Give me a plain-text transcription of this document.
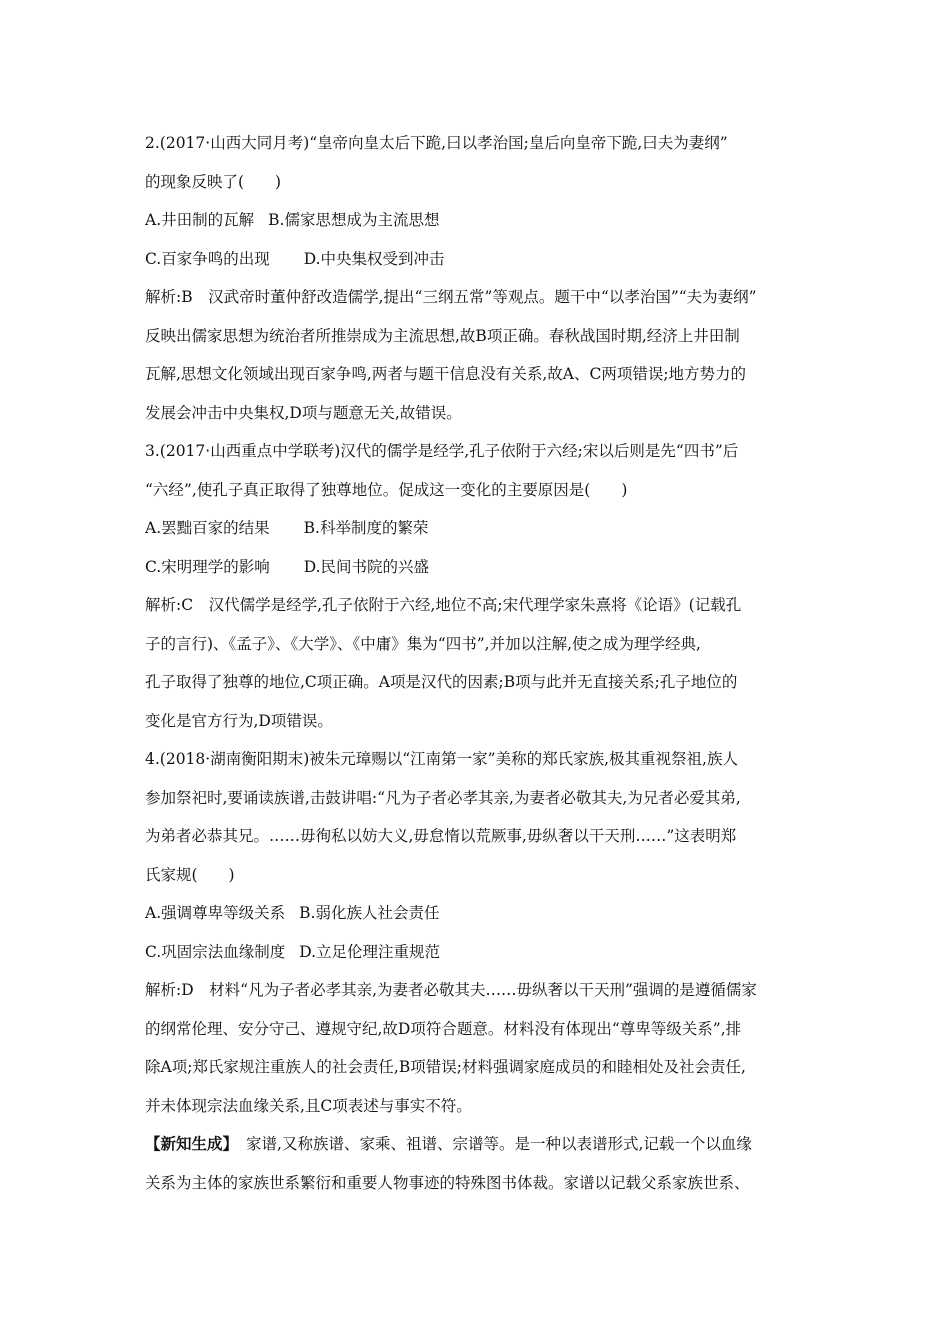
2.(2017·山西大同月考)“皇帝向皇太后下跪,曰以孝治国;皇后向皇帝下跪,曰夫为妻纲”
的现象反映了(　　)
A.井田制的瓦解 B.儒家思想成为主流思想
C.百家争鸣的出现 D.中央集权受到冲击
解析:B　汉武帝时董仲舒改造儒学,提出“三纲五常”等观点。题干中“以孝治国”“夫为妻纲”
反映出儒家思想为统治者所推崇成为主流思想,故B项正确。春秋战国时期,经济上井田制
瓦解,思想文化领域出现百家争鸣,两者与题干信息没有关系,故A、C两项错误;地方势力的
发展会冲击中央集权,D项与题意无关,故错误。
3.(2017·山西重点中学联考)汉代的儒学是经学,孔子依附于六经;宋以后则是先“四书”后
“六经”,使孔子真正取得了独尊地位。促成这一变化的主要原因是(　　)
A.罢黜百家的结果 B.科举制度的繁荣
C.宋明理学的影响 D.民间书院的兴盛
解析:C　汉代儒学是经学,孔子依附于六经,地位不高;宋代理学家朱熹将《论语》(记载孔
子的言行)、《孟子》、《大学》、《中庸》集为“四书”,并加以注解,使之成为理学经典,
孔子取得了独尊的地位,C项正确。A项是汉代的因素;B项与此并无直接关系;孔子地位的
变化是官方行为,D项错误。
4.(2018·湖南衡阳期末)被朱元璋赐以“江南第一家”美称的郑氏家族,极其重视祭祖,族人
参加祭祀时,要诵读族谱,击鼓讲唱:“凡为子者必孝其亲,为妻者必敬其夫,为兄者必爱其弟,
为弟者必恭其兄。……毋徇私以妨大义,毋怠惰以荒厥事,毋纵奢以干天刑……”这表明郑
氏家规(　　)
A.强调尊卑等级关系 B.弱化族人社会责任
C.巩固宗法血缘制度 D.立足伦理注重规范
解析:D　材料“凡为子者必孝其亲,为妻者必敬其夫……毋纵奢以干天刑”强调的是遵循儒家
的纲常伦理、安分守己、遵规守纪,故D项符合题意。材料没有体现出“尊卑等级关系”,排
除A项;郑氏家规注重族人的社会责任,B项错误;材料强调家庭成员的和睦相处及社会责任,
并未体现宗法血缘关系,且C项表述与事实不符。
【新知生成】 家谱,又称族谱、家乘、祖谱、宗谱等。是一种以表谱形式,记载一个以血缘
关系为主体的家族世系繁衍和重要人物事迹的特殊图书体裁。家谱以记载父系家族世系、
